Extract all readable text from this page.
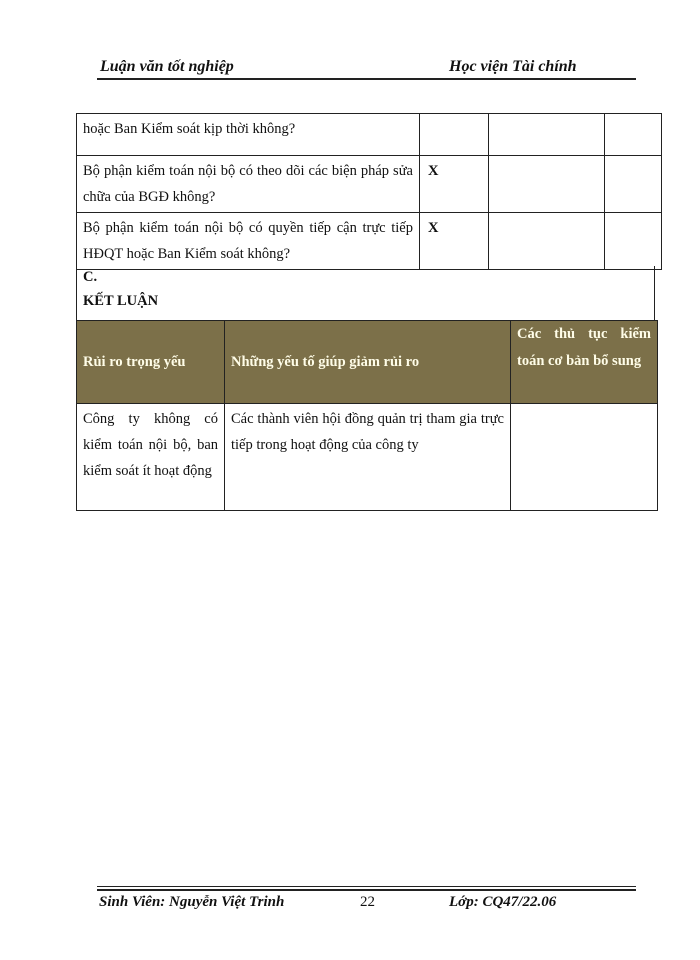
Luận văn tốt nghiệp	Học viện Tài chính
hoặc Ban Kiểm soát kịp thời không?			
Bộ phận kiểm toán nội bộ có theo dõi các biện pháp sửa chữa của BGĐ không?	X		
Bộ phận kiểm toán nội bộ có quyền tiếp cận trực tiếp HĐQT hoặc Ban Kiểm soát không?	X		
C.
KẾT LUẬN
Rủi ro trọng yếu	Những yếu tố giúp giảm rủi ro	Các thủ tục kiểm toán cơ bản bổ sung
Công ty không có kiểm toán nội bộ, ban kiểm soát ít hoạt động	Các thành viên hội đồng quản trị tham gia trực tiếp trong hoạt động của công ty	
Sinh Viên: Nguyễn Việt Trinh	22	Lớp: CQ47/22.06
